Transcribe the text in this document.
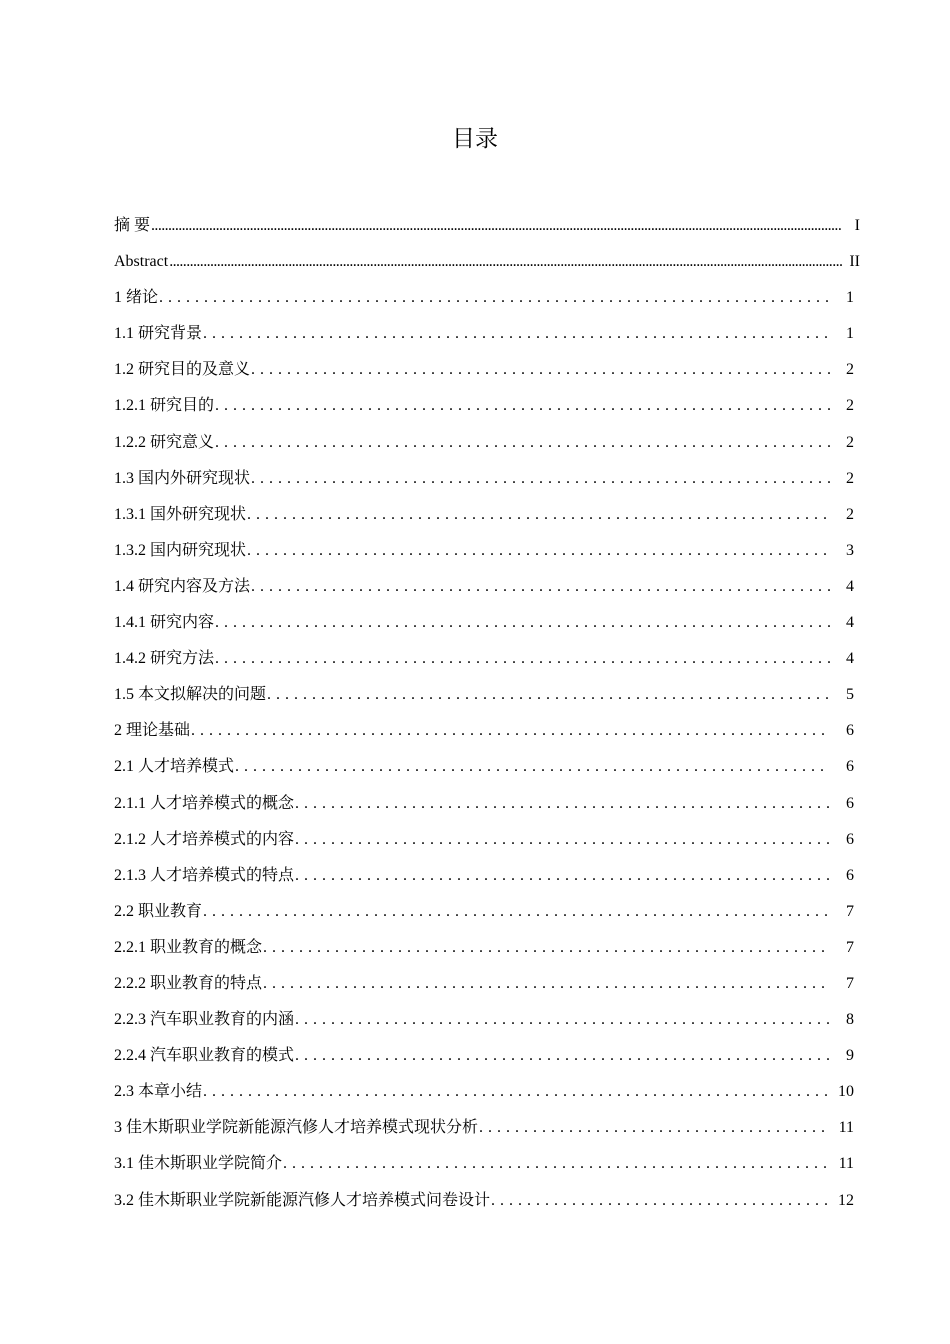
目录
摘 要 .....	I
Abstract .....	II
1 绪论 . . .	1
1.1 研究背景 . . .	1
1.2 研究目的及意义 . . .	2
1.2.1 研究目的 . . .	2
1.2.2 研究意义 . . .	2
1.3 国内外研究现状 . . .	2
1.3.1 国外研究现状 . . .	2
1.3.2 国内研究现状 . . .	3
1.4 研究内容及方法 . . .	4
1.4.1 研究内容 . . .	4
1.4.2 研究方法 . . .	4
1.5 本文拟解决的问题 . . .	5
2 理论基础 . . .	6
2.1 人才培养模式 . . .	6
2.1.1 人才培养模式的概念 . . .	6
2.1.2 人才培养模式的内容 . . .	6
2.1.3 人才培养模式的特点 . . .	6
2.2 职业教育 . . .	7
2.2.1 职业教育的概念 . . .	7
2.2.2 职业教育的特点 . . .	7
2.2.3 汽车职业教育的内涵 . . .	8
2.2.4 汽车职业教育的模式 . . .	9
2.3 本章小结 . . .	10
3 佳木斯职业学院新能源汽修人才培养模式现状分析 . . .	11
3.1 佳木斯职业学院简介 . . .	11
3.2 佳木斯职业学院新能源汽修人才培养模式问卷设计 . . .	12
